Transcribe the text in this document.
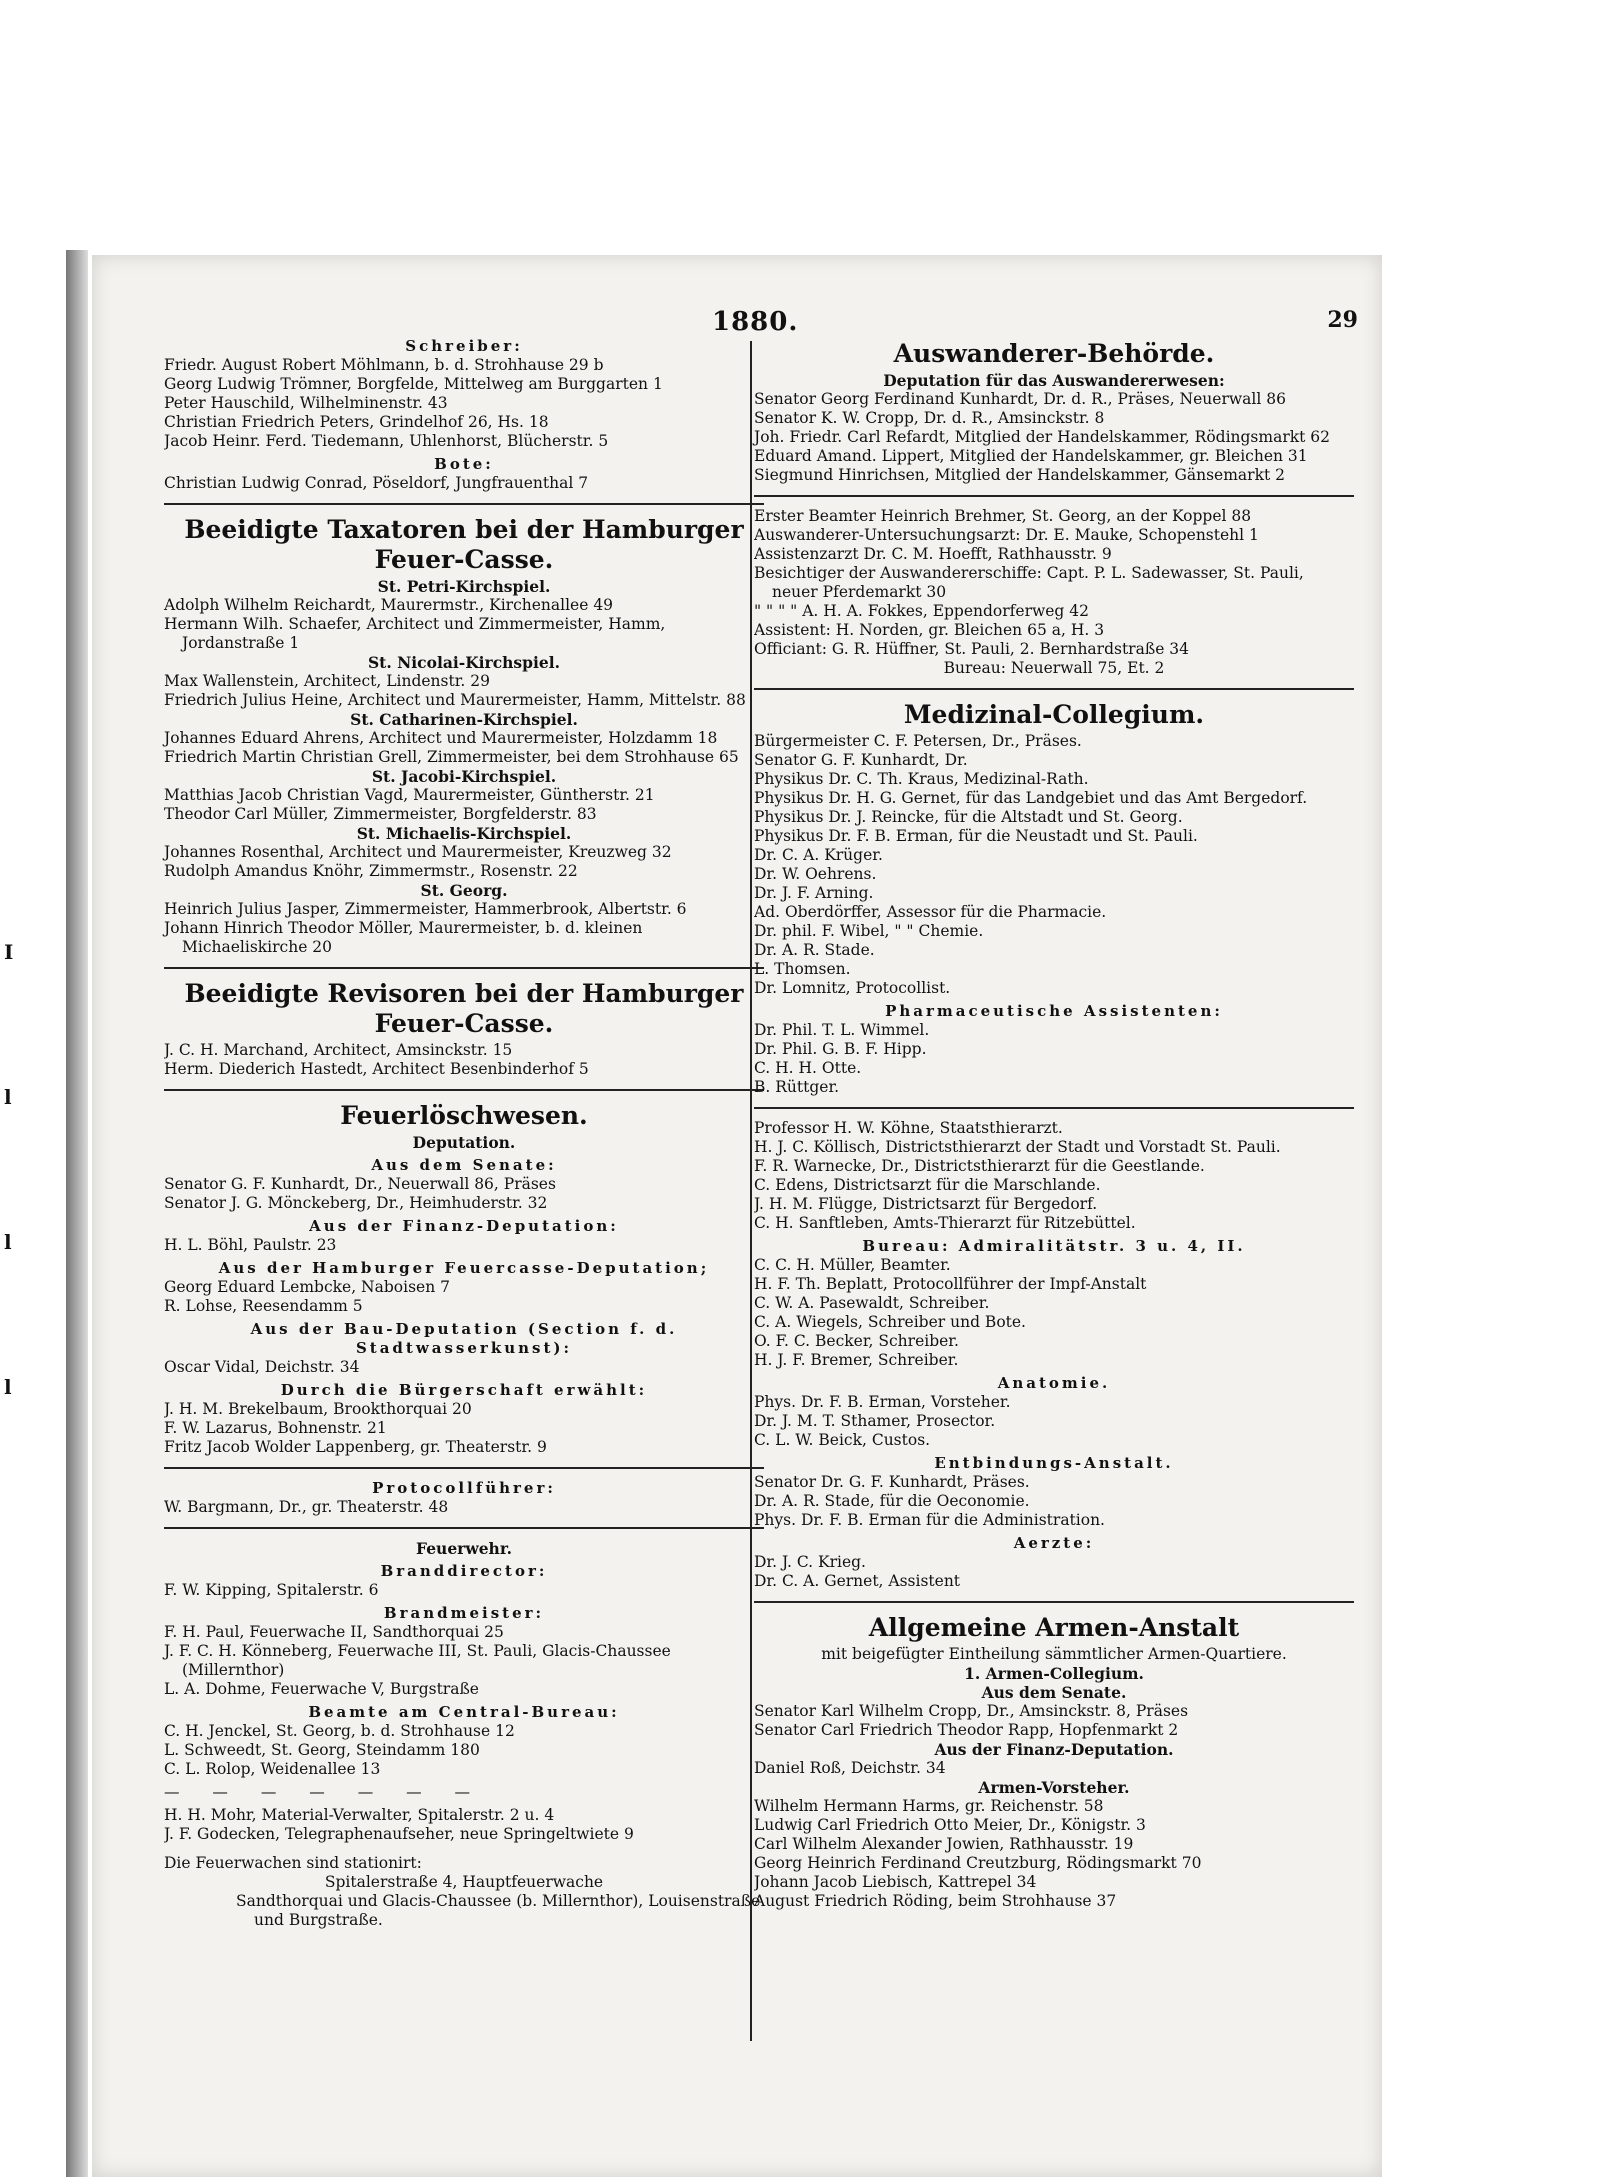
1880.	29
Schreiber:
Friedr. August Robert Möhlmann, b. d. Strohhause 29 b
Georg Ludwig Trömner, Borgfelde, Mittelweg am Burggarten 1
Peter Hauschild, Wilhelminenstr. 43
Christian Friedrich Peters, Grindelhof 26, Hs. 18
Jacob Heinr. Ferd. Tiedemann, Uhlenhorst, Blücherstr. 5
Bote:
Christian Ludwig Conrad, Pöseldorf, Jungfrauenthal 7
Beeidigte Taxatoren bei der Hamburger Feuer-Casse.
St. Petri-Kirchspiel.
Adolph Wilhelm Reichardt, Maurermstr., Kirchenallee 49
Hermann Wilh. Schaefer, Architect und Zimmermeister, Hamm, Jordanstraße 1
St. Nicolai-Kirchspiel.
Max Wallenstein, Architect, Lindenstr. 29
Friedrich Julius Heine, Architect und Maurermeister, Hamm, Mittelstr. 88
St. Catharinen-Kirchspiel.
Johannes Eduard Ahrens, Architect und Maurermeister, Holzdamm 18
Friedrich Martin Christian Grell, Zimmermeister, bei dem Strohhause 65
St. Jacobi-Kirchspiel.
Matthias Jacob Christian Vagd, Maurermeister, Güntherstr. 21
Theodor Carl Müller, Zimmermeister, Borgfelderstr. 83
St. Michaelis-Kirchspiel.
Johannes Rosenthal, Architect und Maurermeister, Kreuzweg 32
Rudolph Amandus Knöhr, Zimmermstr., Rosenstr. 22
St. Georg.
Heinrich Julius Jasper, Zimmermeister, Hammerbrook, Albertstr. 6
Johann Hinrich Theodor Möller, Maurermeister, b. d. kleinen Michaeliskirche 20
Beeidigte Revisoren bei der Hamburger Feuer-Casse.
J. C. H. Marchand, Architect, Amsinckstr. 15
Herm. Diederich Hastedt, Architect Besenbinderhof 5
Feuerlöschwesen.
Deputation.
Aus dem Senate:
Senator G. F. Kunhardt, Dr., Neuerwall 86, Präses
Senator J. G. Mönckeberg, Dr., Heimhuderstr. 32
Aus der Finanz-Deputation:
H. L. Böhl, Paulstr. 23
Aus der Hamburger Feuercasse-Deputation;
Georg Eduard Lembcke, Naboisen 7
R. Lohse, Reesendamm 5
Aus der Bau-Deputation (Section f. d. Stadtwasserkunst):
Oscar Vidal, Deichstr. 34
Durch die Bürgerschaft erwählt:
J. H. M. Brekelbaum, Brookthorquai 20
F. W. Lazarus, Bohnenstr. 21
Fritz Jacob Wolder Lappenberg, gr. Theaterstr. 9
Protocollführer:
W. Bargmann, Dr., gr. Theaterstr. 48
Feuerwehr.
Branddirector:
F. W. Kipping, Spitalerstr. 6
Brandmeister:
F. H. Paul, Feuerwache II, Sandthorquai 25
J. F. C. H. Könneberg, Feuerwache III, St. Pauli, Glacis-Chaussee (Millernthor)
L. A. Dohme, Feuerwache V, Burgstraße
Beamte am Central-Bureau:
C. H. Jenckel, St. Georg, b. d. Strohhause 12
L. Schweedt, St. Georg, Steindamm 180
C. L. Rolop, Weidenallee 13
— — — — — — —
H. H. Mohr, Material-Verwalter, Spitalerstr. 2 u. 4
J. F. Godecken, Telegraphenaufseher, neue Springeltwiete 9
Die Feuerwachen sind stationirt:
Spitalerstraße 4, Hauptfeuerwache
Sandthorquai und Glacis-Chaussee (b. Millernthor), Louisenstraße und Burgstraße.
Auswanderer-Behörde.
Deputation für das Auswandererwesen:
Senator Georg Ferdinand Kunhardt, Dr. d. R., Präses, Neuerwall 86
Senator K. W. Cropp, Dr. d. R., Amsinckstr. 8
Joh. Friedr. Carl Refardt, Mitglied der Handelskammer, Rödingsmarkt 62
Eduard Amand. Lippert, Mitglied der Handelskammer, gr. Bleichen 31
Siegmund Hinrichsen, Mitglied der Handelskammer, Gänsemarkt 2
Erster Beamter Heinrich Brehmer, St. Georg, an der Koppel 88
Auswanderer-Untersuchungsarzt: Dr. E. Mauke, Schopenstehl 1
Assistenzarzt Dr. C. M. Hoefft, Rathhausstr. 9
Besichtiger der Auswandererschiffe: Capt. P. L. Sadewasser, St. Pauli, neuer Pferdemarkt 30
" " " " A. H. A. Fokkes, Eppendorferweg 42
Assistent: H. Norden, gr. Bleichen 65 a, H. 3
Officiant: G. R. Hüffner, St. Pauli, 2. Bernhardstraße 34
Bureau: Neuerwall 75, Et. 2
Medizinal-Collegium.
Bürgermeister C. F. Petersen, Dr., Präses.
Senator G. F. Kunhardt, Dr.
Physikus Dr. C. Th. Kraus, Medizinal-Rath.
Physikus Dr. H. G. Gernet, für das Landgebiet und das Amt Bergedorf.
Physikus Dr. J. Reincke, für die Altstadt und St. Georg.
Physikus Dr. F. B. Erman, für die Neustadt und St. Pauli.
Dr. C. A. Krüger.
Dr. W. Oehrens.
Dr. J. F. Arning.
Ad. Oberdörffer, Assessor für die Pharmacie.
Dr. phil. F. Wibel, " " Chemie.
Dr. A. R. Stade.
L. Thomsen.
Dr. Lomnitz, Protocollist.
Pharmaceutische Assistenten:
Dr. Phil. T. L. Wimmel.
Dr. Phil. G. B. F. Hipp.
C. H. H. Otte.
B. Rüttger.
Professor H. W. Köhne, Staatsthierarzt.
H. J. C. Köllisch, Districtsthierarzt der Stadt und Vorstadt St. Pauli.
F. R. Warnecke, Dr., Districtsthierarzt für die Geestlande.
C. Edens, Districtsarzt für die Marschlande.
J. H. M. Flügge, Districtsarzt für Bergedorf.
C. H. Sanftleben, Amts-Thierarzt für Ritzebüttel.
Bureau: Admiralitätstr. 3 u. 4, II.
C. C. H. Müller, Beamter.
H. F. Th. Beplatt, Protocollführer der Impf-Anstalt
C. W. A. Pasewaldt, Schreiber.
C. A. Wiegels, Schreiber und Bote.
O. F. C. Becker, Schreiber.
H. J. F. Bremer, Schreiber.
Anatomie.
Phys. Dr. F. B. Erman, Vorsteher.
Dr. J. M. T. Sthamer, Prosector.
C. L. W. Beick, Custos.
Entbindungs-Anstalt.
Senator Dr. G. F. Kunhardt, Präses.
Dr. A. R. Stade, für die Oeconomie.
Phys. Dr. F. B. Erman für die Administration.
Aerzte:
Dr. J. C. Krieg.
Dr. C. A. Gernet, Assistent
Allgemeine Armen-Anstalt
mit beigefügter Eintheilung sämmtlicher Armen-Quartiere.
1. Armen-Collegium.
Aus dem Senate.
Senator Karl Wilhelm Cropp, Dr., Amsinckstr. 8, Präses
Senator Carl Friedrich Theodor Rapp, Hopfenmarkt 2
Aus der Finanz-Deputation.
Daniel Roß, Deichstr. 34
Armen-Vorsteher.
Wilhelm Hermann Harms, gr. Reichenstr. 58
Ludwig Carl Friedrich Otto Meier, Dr., Königstr. 3
Carl Wilhelm Alexander Jowien, Rathhausstr. 19
Georg Heinrich Ferdinand Creutzburg, Rödingsmarkt 70
Johann Jacob Liebisch, Kattrepel 34
August Friedrich Röding, beim Strohhause 37
I
l
l
l
